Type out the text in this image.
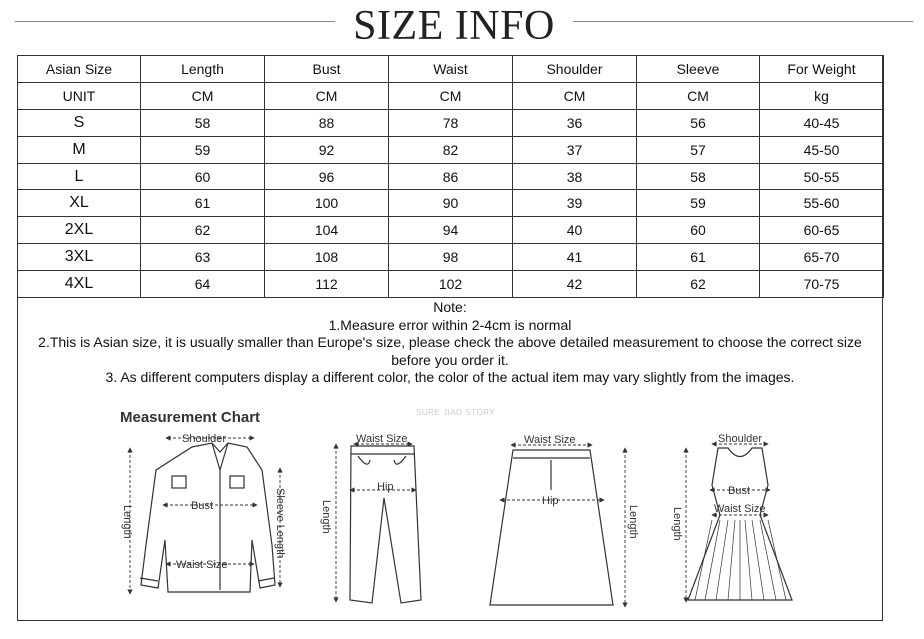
SIZE INFO
Asian Size	Length	Bust	Waist	Shoulder	Sleeve	For Weight
UNIT	CM	CM	CM	CM	CM	kg
S	58	88	78	36	56	40-45
M	59	92	82	37	57	45-50
L	60	96	86	38	58	50-55
XL	61	100	90	39	59	55-60
2XL	62	104	94	40	60	60-65
3XL	63	108	98	41	61	65-70
4XL	64	112	102	42	62	70-75
Note:
1.Measure error within 2-4cm is normal
2.This is Asian size, it is usually smaller than Europe's size, please check the above detailed measurement to choose the correct size
before you order it.
3. As different computers display a different color, the color of the actual item may vary slightly from the images.
Measurement Chart	SURE JIAO STORY
Shoulder
Bust
Waist Size
Length	Sleeve Length
Waist Size
Hip
Length
Waist Size
Hip
Length
Shoulder
Bust
Waist Size
Length
